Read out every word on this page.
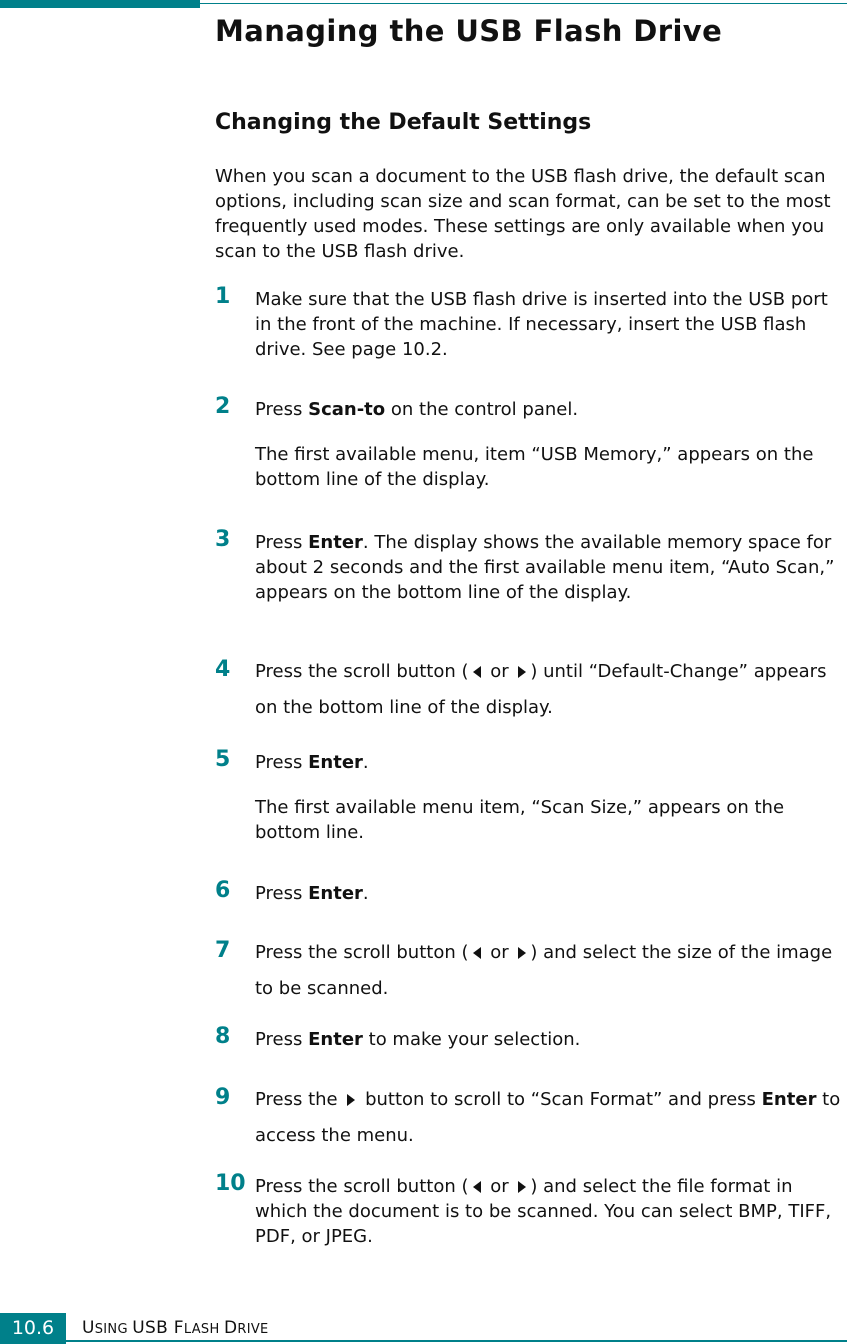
Managing the USB Flash Drive
Changing the Default Settings

When you scan a document to the USB flash drive, the default scan options, including scan size and scan format, can be set to the most frequently used modes. These settings are only available when you scan to the USB flash drive.

1 Make sure that the USB flash drive is inserted into the USB port in the front of the machine. If necessary, insert the USB flash drive. See page 10.2.

2 Press Scan-to on the control panel.

The first available menu, item “USB Memory,” appears on the bottom line of the display.

3 Press Enter. The display shows the available memory space for about 2 seconds and the first available menu item, “Auto Scan,” appears on the bottom line of the display.

4 Press the scroll button ( or ) until “Default-Change” appears on the bottom line of the display.

5 Press Enter.

The first available menu item, “Scan Size,” appears on the bottom line.

6 Press Enter.

7 Press the scroll button ( or ) and select the size of the image to be scanned.

8 Press Enter to make your selection.

9 Press the  button to scroll to “Scan Format” and press Enter to access the menu.

10 Press the scroll button ( or ) and select the file format in which the document is to be scanned. You can select BMP, TIFF, PDF, or JPEG.

10.6	USING USB FLASH DRIVE
